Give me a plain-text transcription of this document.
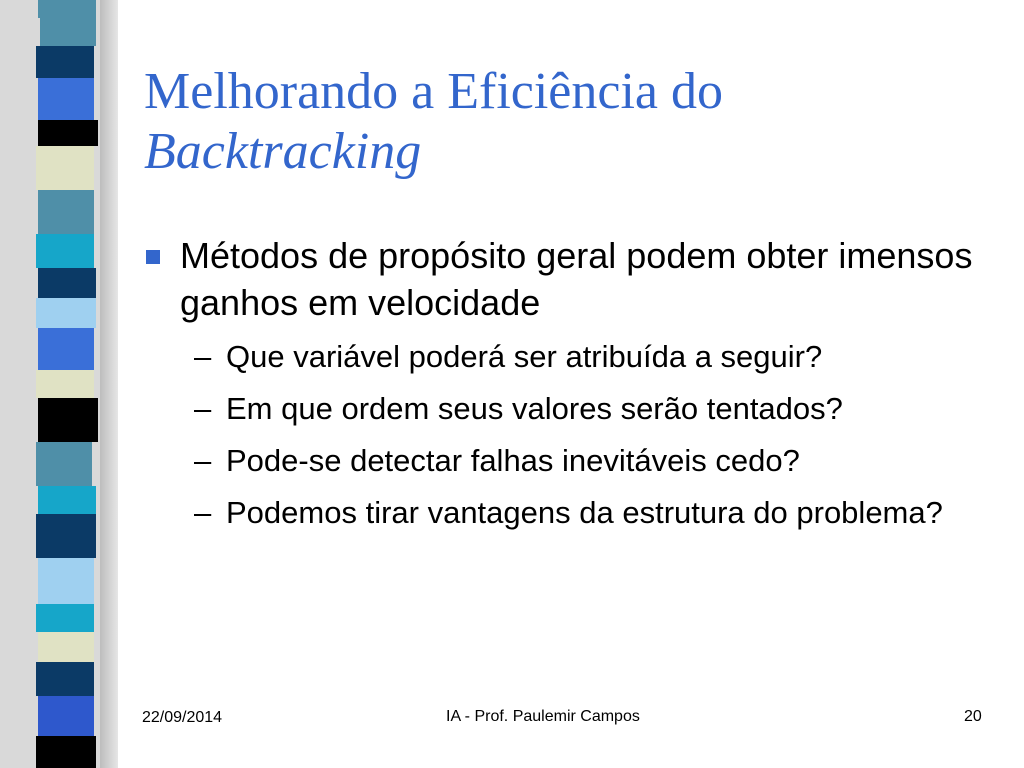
Melhorando a Eficiência do
Backtracking
Métodos de propósito geral podem obter imensos ganhos em velocidade
– Que variável poderá ser atribuída a seguir?
– Em que ordem seus valores serão tentados?
– Pode-se detectar falhas inevitáveis cedo?
– Podemos tirar vantagens da estrutura do problema?
22/09/2014	IA - Prof. Paulemir Campos	20
